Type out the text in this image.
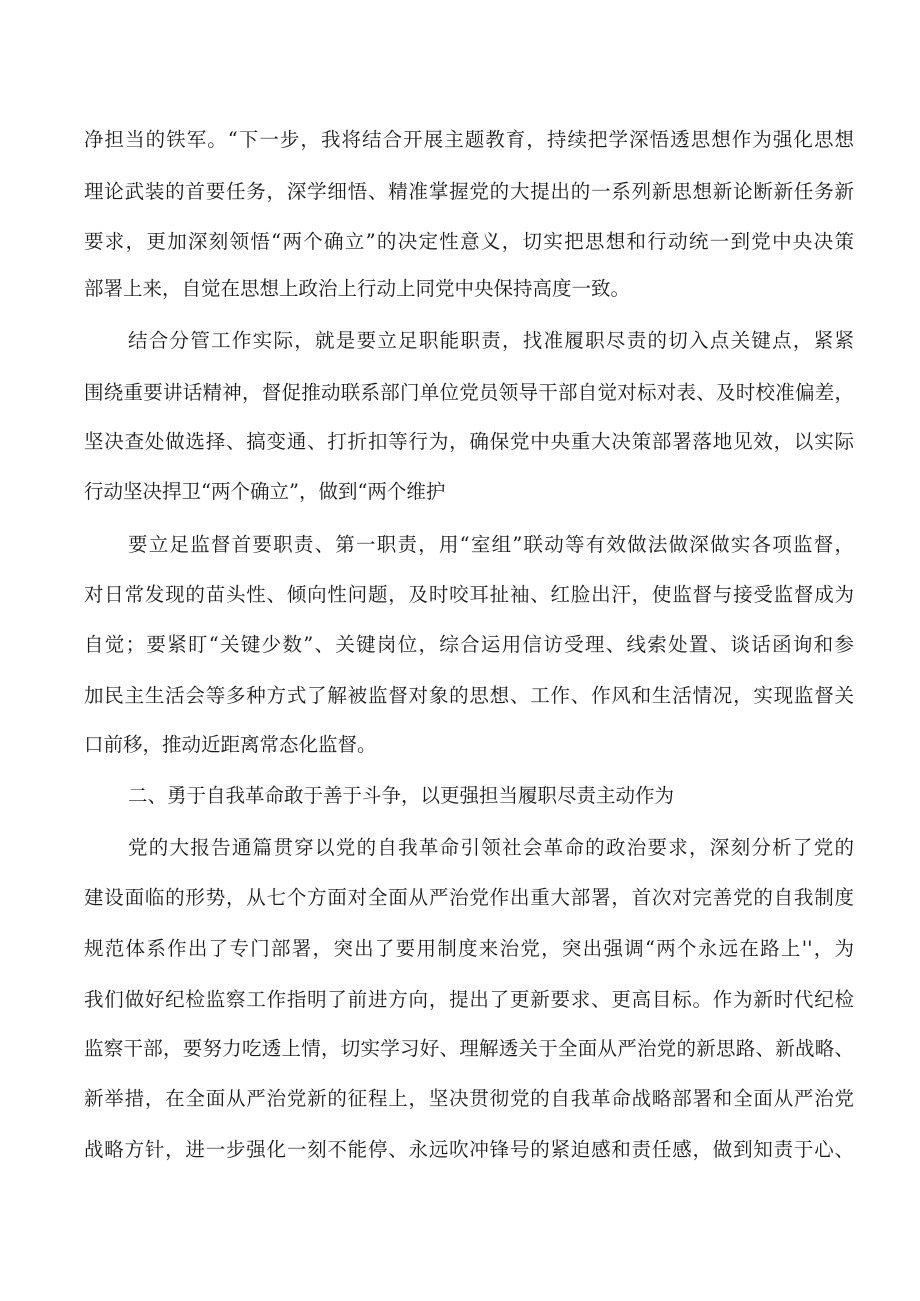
净担当的铁军。“下一步，我将结合开展主题教育，持续把学深悟透思想作为强化思想
理论武装的首要任务，深学细悟、精准掌握党的大提出的一系列新思想新论断新任务新
要求，更加深刻领悟“两个确立”的决定性意义，切实把思想和行动统一到党中央决策
部署上来，自觉在思想上政治上行动上同党中央保持高度一致。
结合分管工作实际，就是要立足职能职责，找准履职尽责的切入点关键点，紧紧
围绕重要讲话精神，督促推动联系部门单位党员领导干部自觉对标对表、及时校准偏差，
坚决查处做选择、搞变通、打折扣等行为，确保党中央重大决策部署落地见效，以实际
行动坚决捍卫“两个确立”，做到“两个维护
要立足监督首要职责、第一职责，用“室组”联动等有效做法做深做实各项监督，
对日常发现的苗头性、倾向性问题，及时咬耳扯袖、红脸出汗，使监督与接受监督成为
自觉；要紧盯“关键少数”、关键岗位，综合运用信访受理、线索处置、谈话函询和参
加民主生活会等多种方式了解被监督对象的思想、工作、作风和生活情况，实现监督关
口前移，推动近距离常态化监督。
二、勇于自我革命敢于善于斗争，以更强担当履职尽责主动作为
党的大报告通篇贯穿以党的自我革命引领社会革命的政治要求，深刻分析了党的
建设面临的形势，从七个方面对全面从严治党作出重大部署，首次对完善党的自我制度
规范体系作出了专门部署，突出了要用制度来治党，突出强调“两个永远在路上''，为
我们做好纪检监察工作指明了前进方向，提出了更新要求、更高目标。作为新时代纪检
监察干部，要努力吃透上情，切实学习好、理解透关于全面从严治党的新思路、新战略、
新举措，在全面从严治党新的征程上，坚决贯彻党的自我革命战略部署和全面从严治党
战略方针，进一步强化一刻不能停、永远吹冲锋号的紧迫感和责任感，做到知责于心、
